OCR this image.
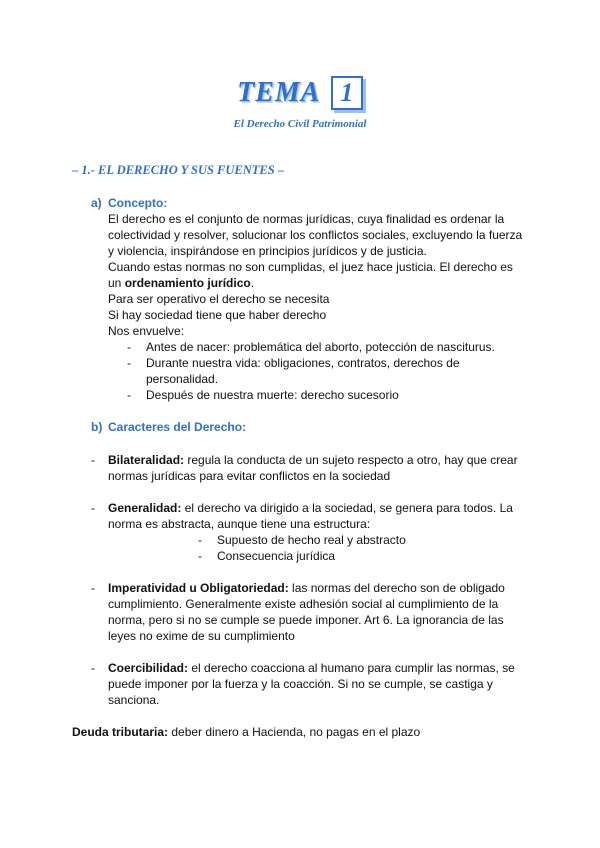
TEMA 1
El Derecho Civil Patrimonial
– 1.- EL DERECHO Y SUS FUENTES –
a) Concepto:
El derecho es el conjunto de normas jurídicas, cuya finalidad es ordenar la
colectividad y resolver, solucionar los conflictos sociales, excluyendo la fuerza
y violencia, inspirándose en principios jurídicos y de justicia.
Cuando estas normas no son cumplidas, el juez hace justicia. El derecho es
un ordenamiento jurídico.
Para ser operativo el derecho se necesita
Si hay sociedad tiene que haber derecho
Nos envuelve:
- Antes de nacer: problemática del aborto, potección de nasciturus.
- Durante nuestra vida: obligaciones, contratos, derechos de
personalidad.
- Después de nuestra muerte: derecho sucesorio
b) Caracteres del Derecho:
- Bilateralidad: regula la conducta de un sujeto respecto a otro, hay que crear
normas jurídicas para evitar conflictos en la sociedad
- Generalidad: el derecho va dirigido a la sociedad, se genera para todos. La
norma es abstracta, aunque tiene una estructura:
- Supuesto de hecho real y abstracto
- Consecuencia jurídica
- Imperatividad u Obligatoriedad: las normas del derecho son de obligado
cumplimiento. Generalmente existe adhesión social al cumplimiento de la
norma, pero si no se cumple se puede imponer. Art 6. La ignorancia de las
leyes no exime de su cumplimiento
- Coercibilidad: el derecho coacciona al humano para cumplir las normas, se
puede imponer por la fuerza y la coacción. Si no se cumple, se castiga y
sanciona.
Deuda tributaria: deber dinero a Hacienda, no pagas en el plazo
